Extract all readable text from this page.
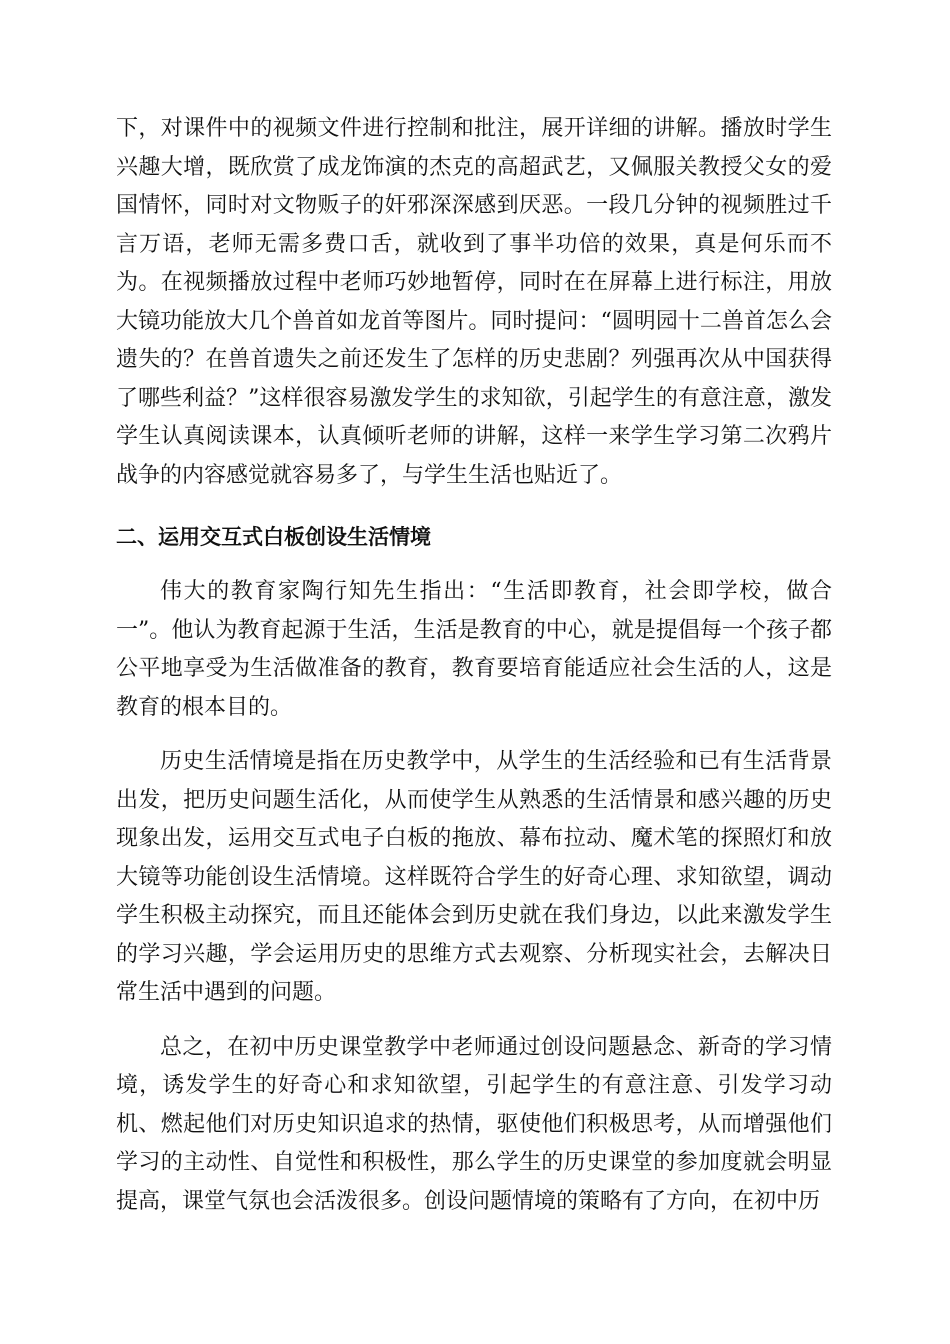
下，对课件中的视频文件进行控制和批注，展开详细的讲解。播放时学生兴趣大增，既欣赏了成龙饰演的杰克的高超武艺，又佩服关教授父女的爱国情怀，同时对文物贩子的奸邪深深感到厌恶。一段几分钟的视频胜过千言万语，老师无需多费口舌，就收到了事半功倍的效果，真是何乐而不为。在视频播放过程中老师巧妙地暂停，同时在在屏幕上进行标注，用放大镜功能放大几个兽首如龙首等图片。同时提问：“圆明园十二兽首怎么会遗失的？在兽首遗失之前还发生了怎样的历史悲剧？列强再次从中国获得了哪些利益？”这样很容易激发学生的求知欲，引起学生的有意注意，激发学生认真阅读课本，认真倾听老师的讲解，这样一来学生学习第二次鸦片战争的内容感觉就容易多了，与学生生活也贴近了。

二、运用交互式白板创设生活情境

伟大的教育家陶行知先生指出：“生活即教育，社会即学校，做合一”。他认为教育起源于生活，生活是教育的中心，就是提倡每一个孩子都公平地享受为生活做准备的教育，教育要培育能适应社会生活的人，这是教育的根本目的。

历史生活情境是指在历史教学中，从学生的生活经验和已有生活背景出发，把历史问题生活化，从而使学生从熟悉的生活情景和感兴趣的历史现象出发，运用交互式电子白板的拖放、幕布拉动、魔术笔的探照灯和放大镜等功能创设生活情境。这样既符合学生的好奇心理、求知欲望，调动学生积极主动探究，而且还能体会到历史就在我们身边，以此来激发学生的学习兴趣，学会运用历史的思维方式去观察、分析现实社会，去解决日常生活中遇到的问题。

总之，在初中历史课堂教学中老师通过创设问题悬念、新奇的学习情境，诱发学生的好奇心和求知欲望，引起学生的有意注意、引发学习动机、燃起他们对历史知识追求的热情，驱使他们积极思考，从而增强他们学习的主动性、自觉性和积极性，那么学生的历史课堂的参加度就会明显提高，课堂气氛也会活泼很多。创设问题情境的策略有了方向，在初中历
